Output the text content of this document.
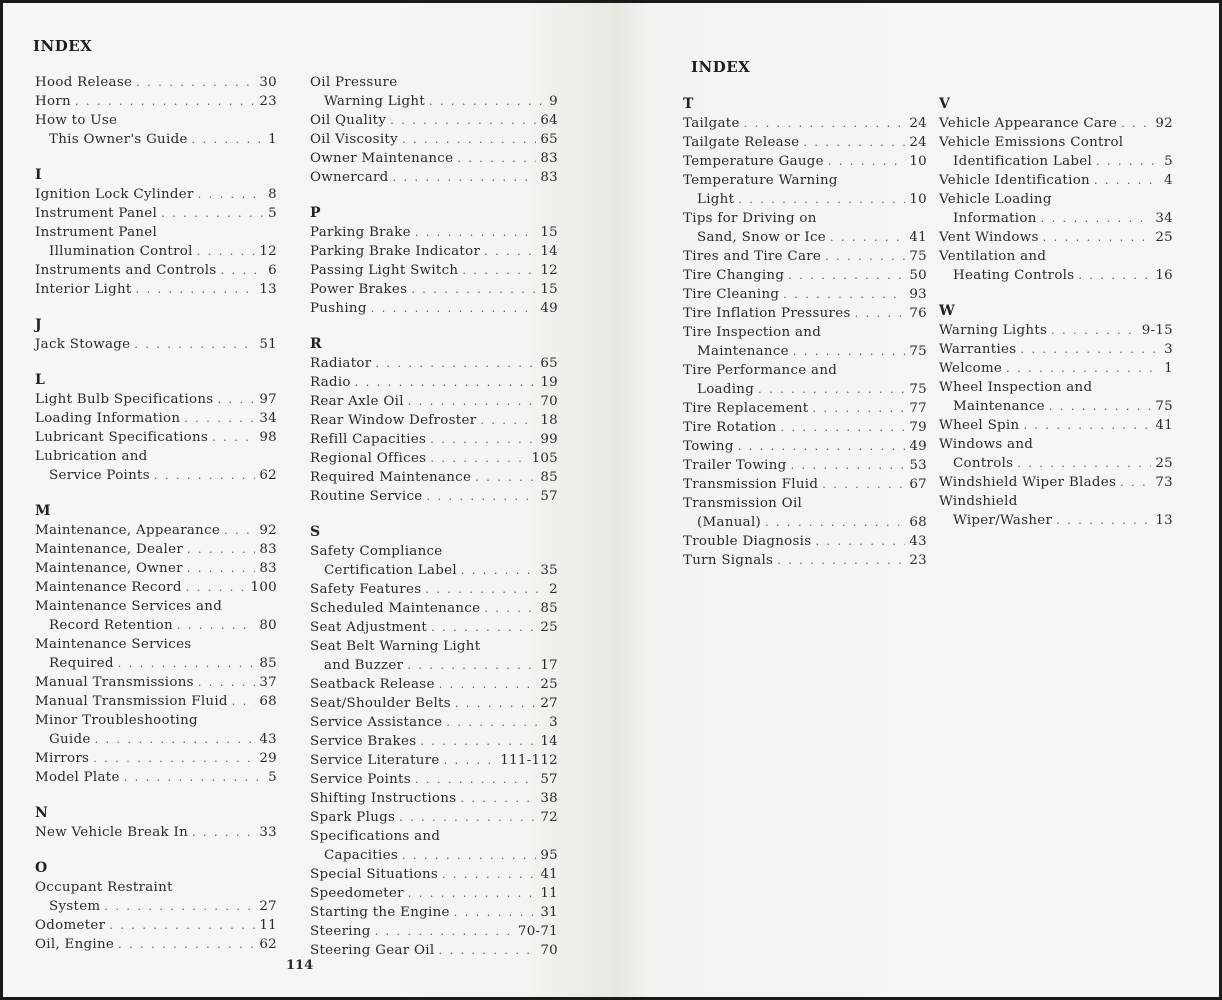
INDEX
Hood Release . . .	30
Horn . . .	23
How to Use
This Owner's Guide . . .	1
I
Ignition Lock Cylinder . . .	8
Instrument Panel . . .	5
Instrument Panel
Illumination Control . . .	12
Instruments and Controls . . .	6
Interior Light . . .	13
J
Jack Stowage . . .	51
L
Light Bulb Specifications . . .	97
Loading Information . . .	34
Lubricant Specifications . . .	98
Lubrication and
Service Points . . .	62
M
Maintenance, Appearance . . .	92
Maintenance, Dealer . . .	83
Maintenance, Owner . . .	83
Maintenance Record . . .	100
Maintenance Services and
Record Retention . . .	80
Maintenance Services
Required . . .	85
Manual Transmissions . . .	37
Manual Transmission Fluid . . . 68
Minor Troubleshooting
Guide . . .	43
Mirrors . . .	29
Model Plate . . .	5
N
New Vehicle Break In . . .	33
O
Occupant Restraint
System . . .	27
Odometer . . .	11
Oil, Engine . . .	62
Oil Pressure
Warning Light . . .	9
Oil Quality . . .	64
Oil Viscosity . . .	65
Owner Maintenance . . .	83
Ownercard . . .	83
P
Parking Brake . . .	15
Parking Brake Indicator . . .	14
Passing Light Switch . . .	12
Power Brakes . . .	15
Pushing . . .	49
R
Radiator . . .	65
Radio . . .	19
Rear Axle Oil . . .	70
Rear Window Defroster . . .	18
Refill Capacities . . .	99
Regional Offices . . .	105
Required Maintenance . . .	85
Routine Service . . .	57
S
Safety Compliance
Certification Label . . .	35
Safety Features . . .	2
Scheduled Maintenance . . .	85
Seat Adjustment . . .	25
Seat Belt Warning Light
and Buzzer . . .	17
Seatback Release . . .	25
Seat/Shoulder Belts . . .	27
Service Assistance . . .	3
Service Brakes . . .	14
Service Literature . . .	111-112
Service Points . . .	57
Shifting Instructions . . .	38
Spark Plugs . . .	72
Specifications and
Capacities . . .	95
Special Situations . . .	41
Speedometer . . .	11
Starting the Engine . . .	31
Steering . . .	70-71
Steering Gear Oil . . .	70
114
INDEX
T
Tailgate . . .	24
Tailgate Release . . .	24
Temperature Gauge . . .	10
Temperature Warning
Light . . .	10
Tips for Driving on
Sand, Snow or Ice . . .	41
Tires and Tire Care . . .	75
Tire Changing . . .	50
Tire Cleaning . . .	93
Tire Inflation Pressures . . .	76
Tire Inspection and
Maintenance . . .	75
Tire Performance and
Loading . . .	75
Tire Replacement . . .	77
Tire Rotation . . .	79
Towing . . .	49
Trailer Towing . . .	53
Transmission Fluid . . .	67
Transmission Oil
(Manual) . . .	68
Trouble Diagnosis . . .	43
Turn Signals . . .	23
V
Vehicle Appearance Care . . .	92
Vehicle Emissions Control
Identification Label . . .	5
Vehicle Identification . . .	4
Vehicle Loading
Information . . .	34
Vent Windows . . .	25
Ventilation and
Heating Controls . . .	16
W
Warning Lights . . .	9-15
Warranties . . .	3
Welcome . . .	1
Wheel Inspection and
Maintenance . . .	75
Wheel Spin . . .	41
Windows and
Controls . . .	25
Windshield Wiper Blades . . .	73
Windshield
Wiper/Washer . . .	13
